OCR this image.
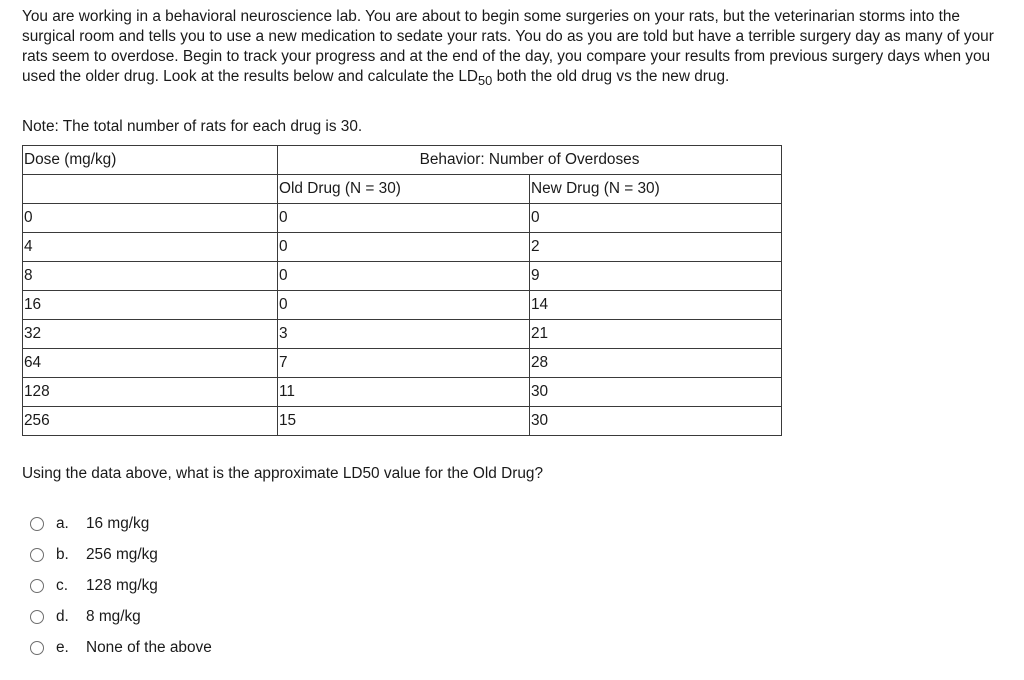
You are working in a behavioral neuroscience lab. You are about to begin some surgeries on your rats, but the veterinarian storms into the surgical room and tells you to use a new medication to sedate your rats. You do as you are told but have a terrible surgery day as many of your rats seem to overdose. Begin to track your progress and at the end of the day, you compare your results from previous surgery days when you used the older drug. Look at the results below and calculate the $LD_{50}$ both the old drug vs the new drug.

Note: The total number of rats for each drug is 30.

Dose (mg/kg)	Behavior: Number of Overdoses	
	Old Drug (N = 30)	New Drug (N = 30)
0	0	0
4	0	2
8	0	9
16	0	14
32	3	21
64	7	28
128	11	30
256	15	30

Using the data above, what is the approximate LD50 value for the Old Drug?

a.	16 mg/kg
b.	256 mg/kg
c.	128 mg/kg
d.	8 mg/kg
e.	None of the above
